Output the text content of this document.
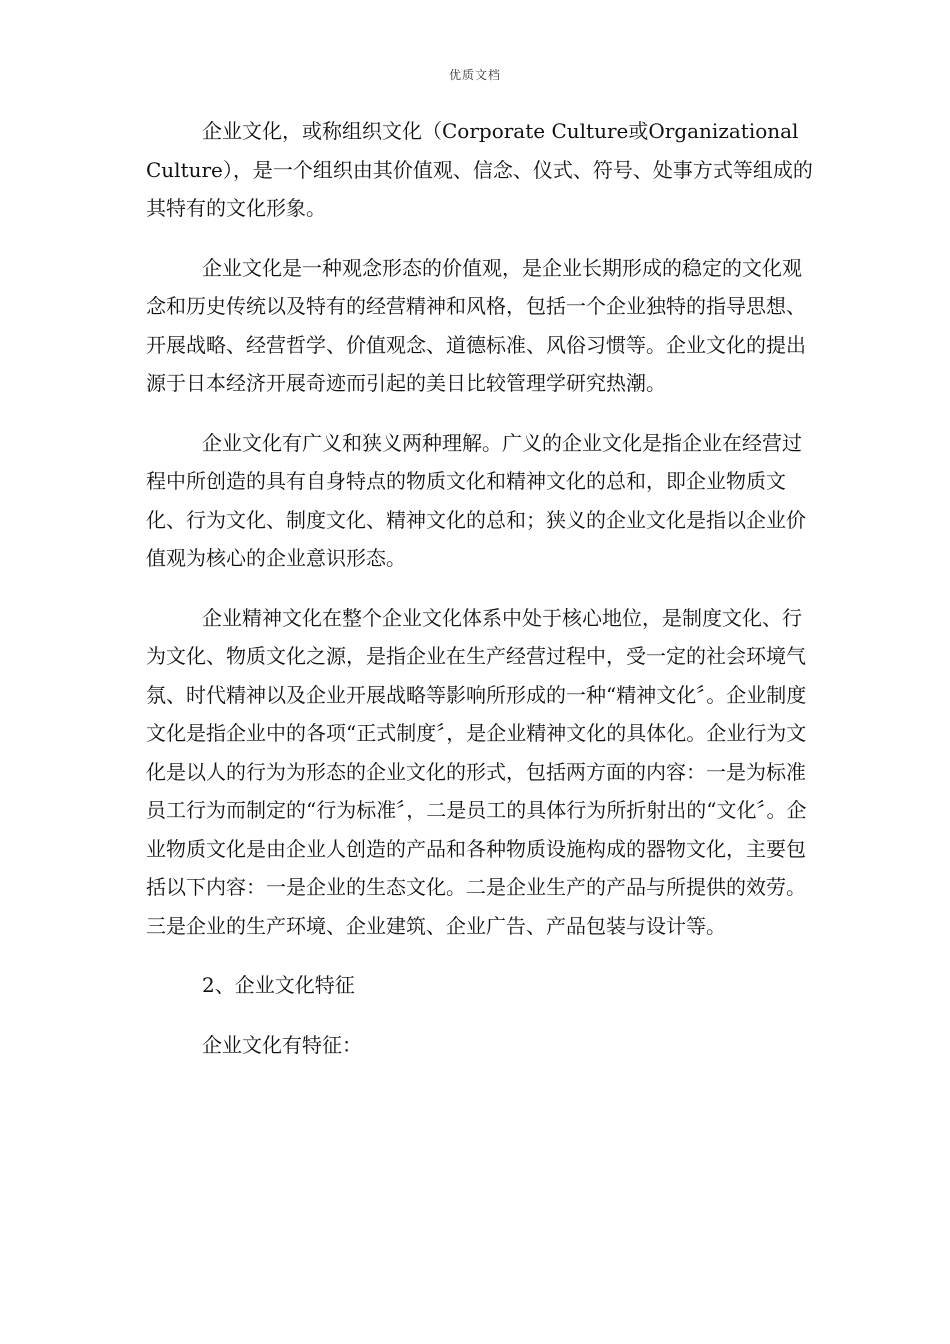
优质文档

企业文化，或称组织文化（Corporate Culture或Organizational Culture），是一个组织由其价值观、信念、仪式、符号、处事方式等组成的其特有的文化形象。

企业文化是一种观念形态的价值观，是企业长期形成的稳定的文化观念和历史传统以及特有的经营精神和风格，包括一个企业独特的指导思想、开展战略、经营哲学、价值观念、道德标准、风俗习惯等。企业文化的提出源于日本经济开展奇迹而引起的美日比较管理学研究热潮。

企业文化有广义和狭义两种理解。广义的企业文化是指企业在经营过程中所创造的具有自身特点的物质文化和精神文化的总和，即企业物质文化、行为文化、制度文化、精神文化的总和；狭义的企业文化是指以企业价值观为核心的企业意识形态。

企业精神文化在整个企业文化体系中处于核心地位，是制度文化、行为文化、物质文化之源，是指企业在生产经营过程中，受一定的社会环境气氛、时代精神以及企业开展战略等影响所形成的一种“精神文化〞。企业制度文化是指企业中的各项“正式制度〞，是企业精神文化的具体化。企业行为文化是以人的行为为形态的企业文化的形式，包括两方面的内容：一是为标准员工行为而制定的“行为标准〞，二是员工的具体行为所折射出的“文化〞。企业物质文化是由企业人创造的产品和各种物质设施构成的器物文化，主要包括以下内容：一是企业的生态文化。二是企业生产的产品与所提供的效劳。三是企业的生产环境、企业建筑、企业广告、产品包装与设计等。

2、企业文化特征

企业文化有特征：
